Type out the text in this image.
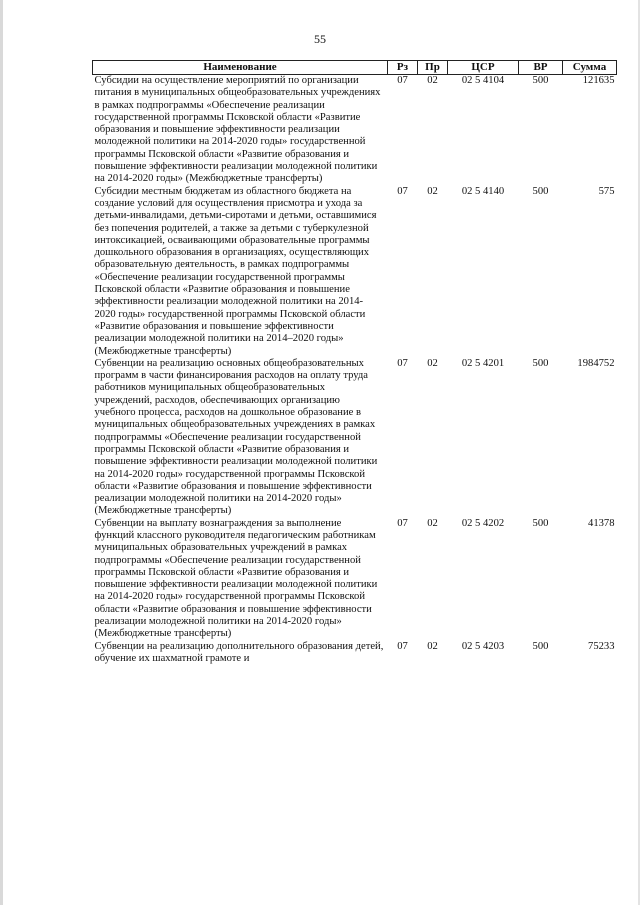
55
Наименование	Рз	Пр	ЦСР	ВР	Сумма
Субсидии на осуществление мероприятий по организации питания в муниципальных общеобразовательных учреждениях в рамках подпрограммы «Обеспечение реализации государственной программы Псковской области «Развитие образования и повышение эффективности реализации молодежной политики на 2014-2020 годы» государственной программы Псковской области «Развитие образования и повышение эффективности реализации молодежной политики на 2014-2020 годы» (Межбюджетные трансферты)	07	02	02 5 4104	500	121635
Субсидии местным бюджетам из областного бюджета на создание условий для осуществления присмотра и ухода за детьми-инвалидами, детьми-сиротами и детьми, оставшимися без попечения родителей, а также за детьми с туберкулезной интоксикацией, осваивающими образовательные программы дошкольного образования в организациях, осуществляющих образовательную деятельность, в рамках подпрограммы «Обеспечение реализации государственной программы Псковской области «Развитие образования и повышение эффективности реализации молодежной политики на 2014-2020 годы» государственной программы Псковской области «Развитие образования и повышение эффективности реализации молодежной политики на 2014–2020 годы» (Межбюджетные трансферты)	07	02	02 5 4140	500	575
Субвенции на реализацию основных общеобразовательных программ в части финансирования расходов на оплату труда работников муниципальных общеобразовательных учреждений, расходов, обеспечивающих организацию учебного процесса, расходов на дошкольное образование в муниципальных общеобразовательных учреждениях в рамках подпрограммы «Обеспечение реализации государственной программы Псковской области «Развитие образования и повышение эффективности реализации молодежной политики на 2014-2020 годы» государственной программы Псковской области «Развитие образования и повышение эффективности реализации молодежной политики на 2014-2020 годы» (Межбюджетные трансферты)	07	02	02 5 4201	500	1984752
Субвенции на выплату вознаграждения за выполнение функций классного руководителя педагогическим работникам муниципальных образовательных учреждений в рамках подпрограммы «Обеспечение реализации государственной программы Псковской области «Развитие образования и повышение эффективности реализации молодежной политики на 2014-2020 годы» государственной программы Псковской области «Развитие образования и повышение эффективности реализации молодежной политики на 2014-2020 годы» (Межбюджетные трансферты)	07	02	02 5 4202	500	41378
Субвенции на реализацию дополнительного образования детей, обучение их шахматной грамоте и	07	02	02 5 4203	500	75233
